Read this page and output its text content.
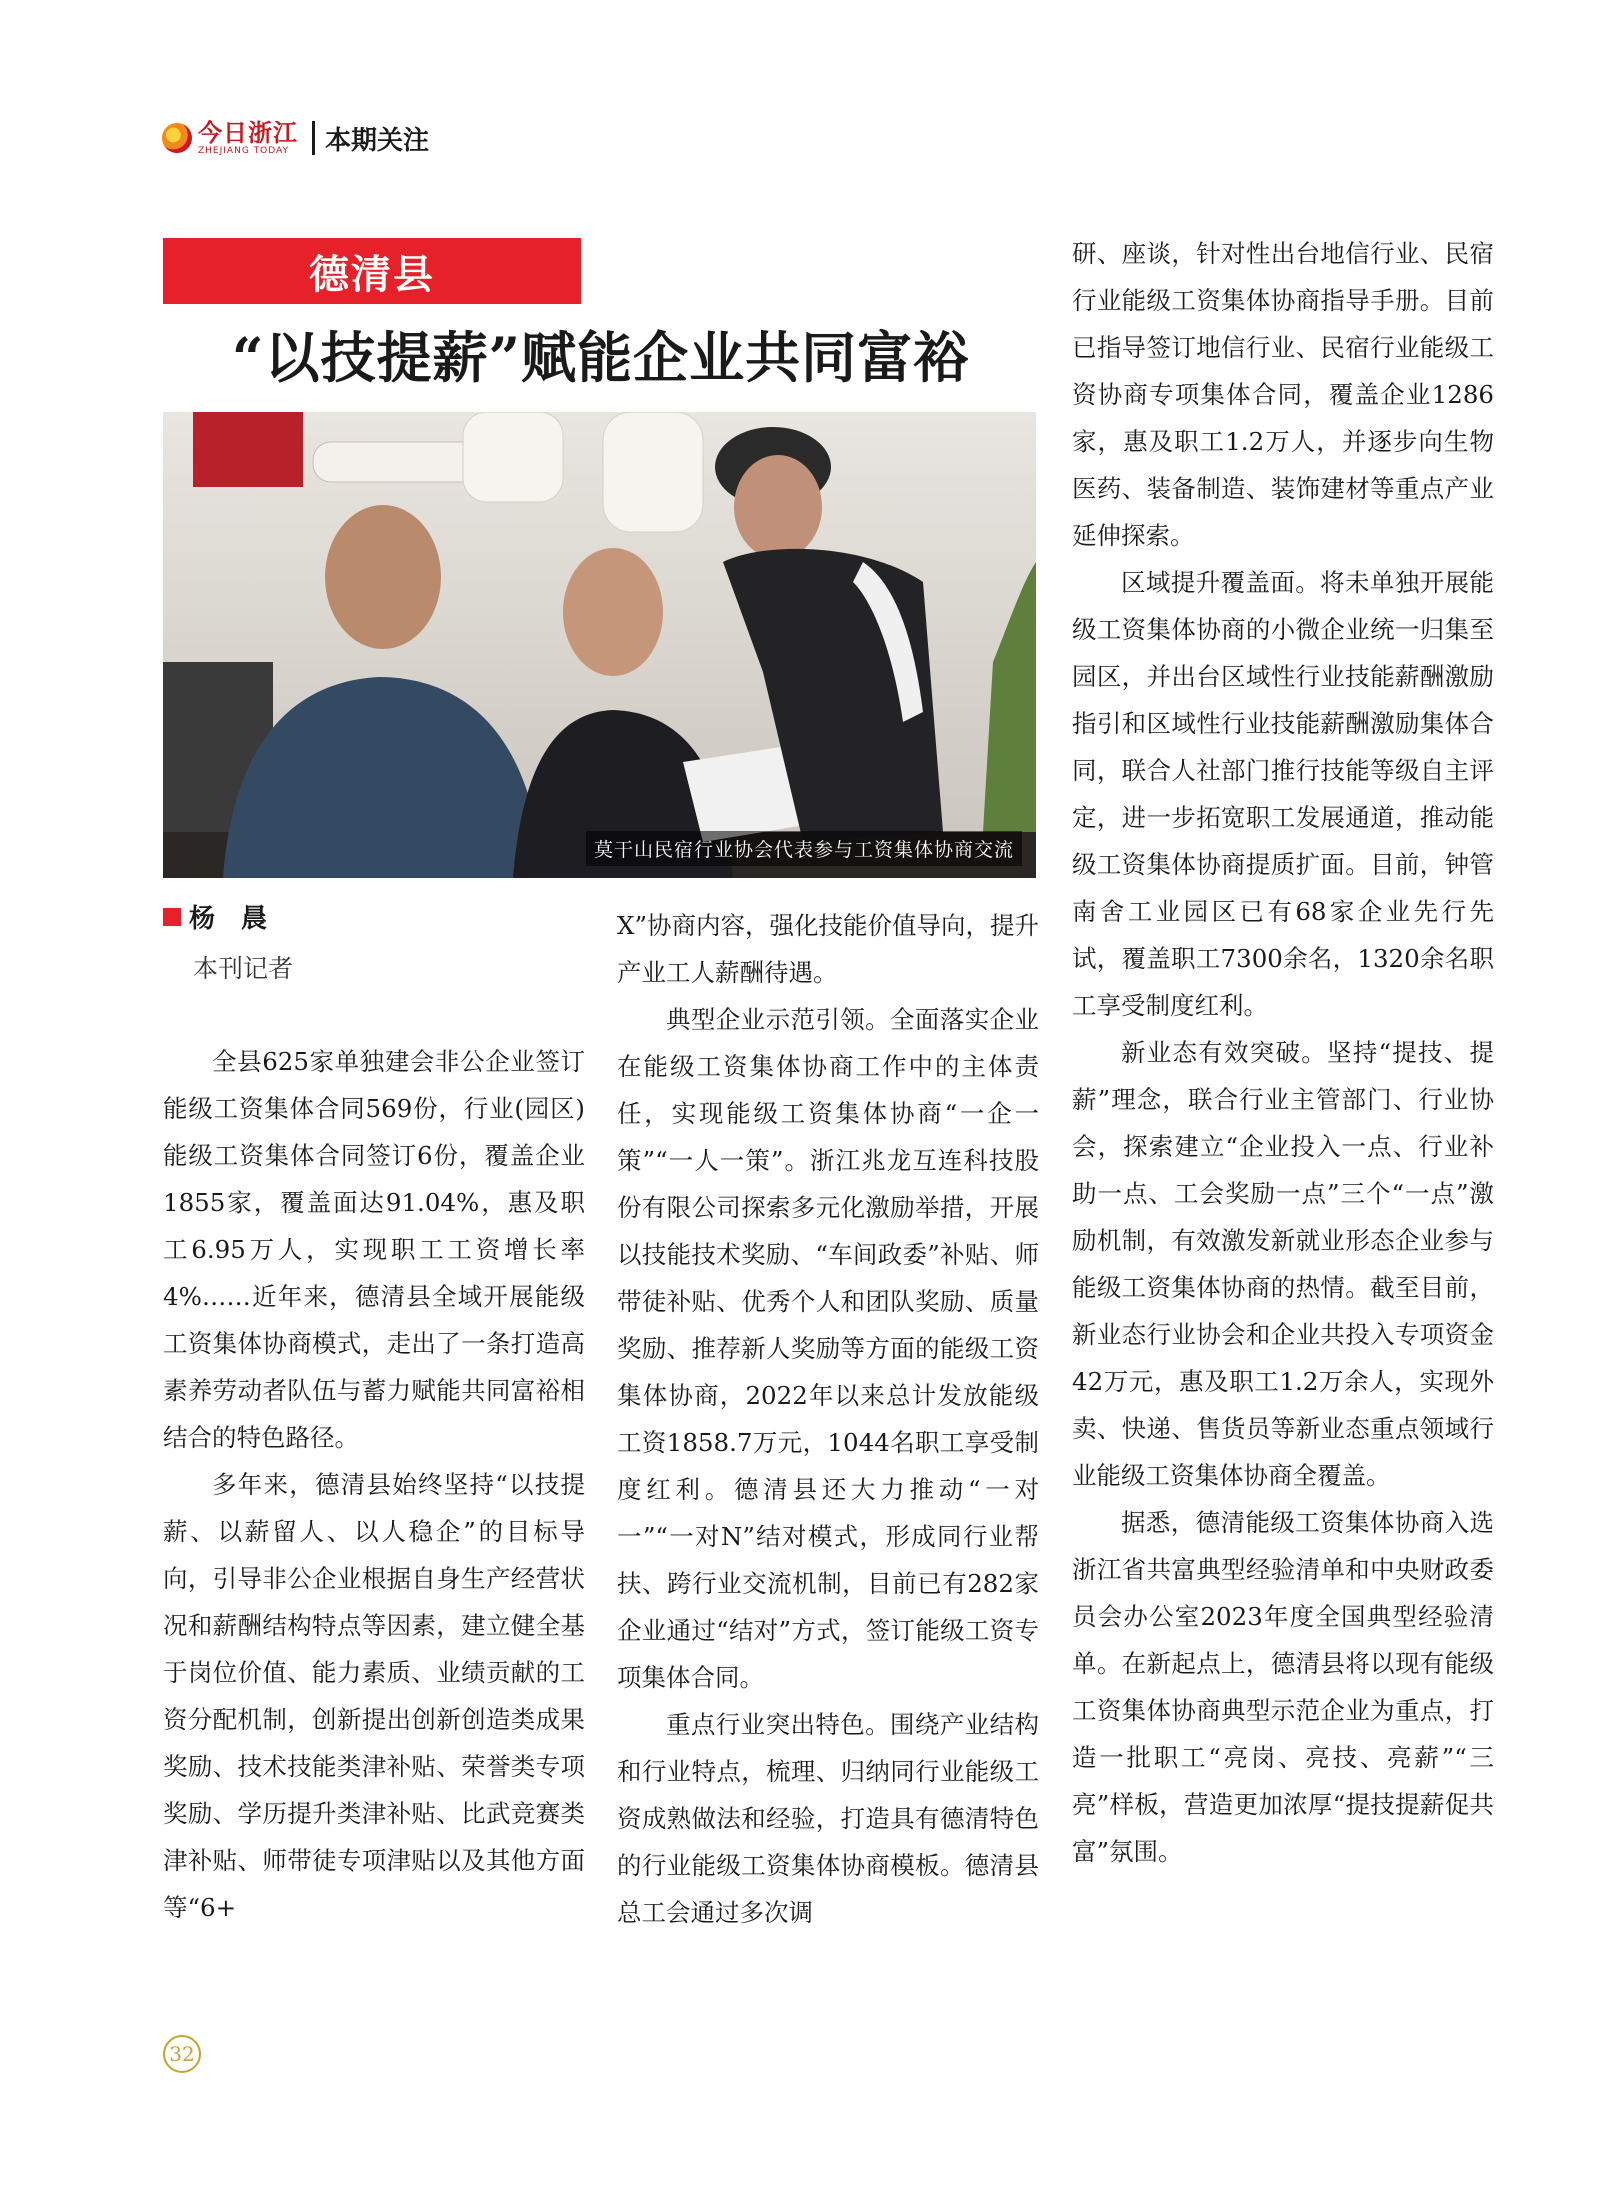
今日浙江
ZHEJIANG TODAY	本期关注
德清县
“以技提薪”赋能企业共同富裕
莫干山民宿行业协会代表参与工资集体协商交流
杨　晨
本刊记者

全县625家单独建会非公企业签订能级工资集体合同569份，行业(园区)能级工资集体合同签订6份，覆盖企业1855家，覆盖面达91.04%，惠及职工6.95万人，实现职工工资增长率4%……近年来，德清县全域开展能级工资集体协商模式，走出了一条打造高素养劳动者队伍与蓄力赋能共同富裕相结合的特色路径。

多年来，德清县始终坚持“以技提薪、以薪留人、以人稳企”的目标导向，引导非公企业根据自身生产经营状况和薪酬结构特点等因素，建立健全基于岗位价值、能力素质、业绩贡献的工资分配机制，创新提出创新创造类成果奖励、技术技能类津补贴、荣誉类专项奖励、学历提升类津补贴、比武竞赛类津补贴、师带徒专项津贴以及其他方面等“6+

X”协商内容，强化技能价值导向，提升产业工人薪酬待遇。

典型企业示范引领。全面落实企业在能级工资集体协商工作中的主体责任，实现能级工资集体协商“一企一策”“一人一策”。浙江兆龙互连科技股份有限公司探索多元化激励举措，开展以技能技术奖励、“车间政委”补贴、师带徒补贴、优秀个人和团队奖励、质量奖励、推荐新人奖励等方面的能级工资集体协商，2022年以来总计发放能级工资1858.7万元，1044名职工享受制度红利。德清县还大力推动“一对一”“一对N”结对模式，形成同行业帮扶、跨行业交流机制，目前已有282家企业通过“结对”方式，签订能级工资专项集体合同。

重点行业突出特色。围绕产业结构和行业特点，梳理、归纳同行业能级工资成熟做法和经验，打造具有德清特色的行业能级工资集体协商模板。德清县总工会通过多次调

研、座谈，针对性出台地信行业、民宿行业能级工资集体协商指导手册。目前已指导签订地信行业、民宿行业能级工资协商专项集体合同，覆盖企业1286家，惠及职工1.2万人，并逐步向生物医药、装备制造、装饰建材等重点产业延伸探索。

区域提升覆盖面。将未单独开展能级工资集体协商的小微企业统一归集至园区，并出台区域性行业技能薪酬激励指引和区域性行业技能薪酬激励集体合同，联合人社部门推行技能等级自主评定，进一步拓宽职工发展通道，推动能级工资集体协商提质扩面。目前，钟管南舍工业园区已有68家企业先行先试，覆盖职工7300余名，1320余名职工享受制度红利。

新业态有效突破。坚持“提技、提薪”理念，联合行业主管部门、行业协会，探索建立“企业投入一点、行业补助一点、工会奖励一点”三个“一点”激励机制，有效激发新就业形态企业参与能级工资集体协商的热情。截至目前，新业态行业协会和企业共投入专项资金42万元，惠及职工1.2万余人，实现外卖、快递、售货员等新业态重点领域行业能级工资集体协商全覆盖。

据悉，德清能级工资集体协商入选浙江省共富典型经验清单和中央财政委员会办公室2023年度全国典型经验清单。在新起点上，德清县将以现有能级工资集体协商典型示范企业为重点，打造一批职工“亮岗、亮技、亮薪”“三亮”样板，营造更加浓厚“提技提薪促共富”氛围。

32
